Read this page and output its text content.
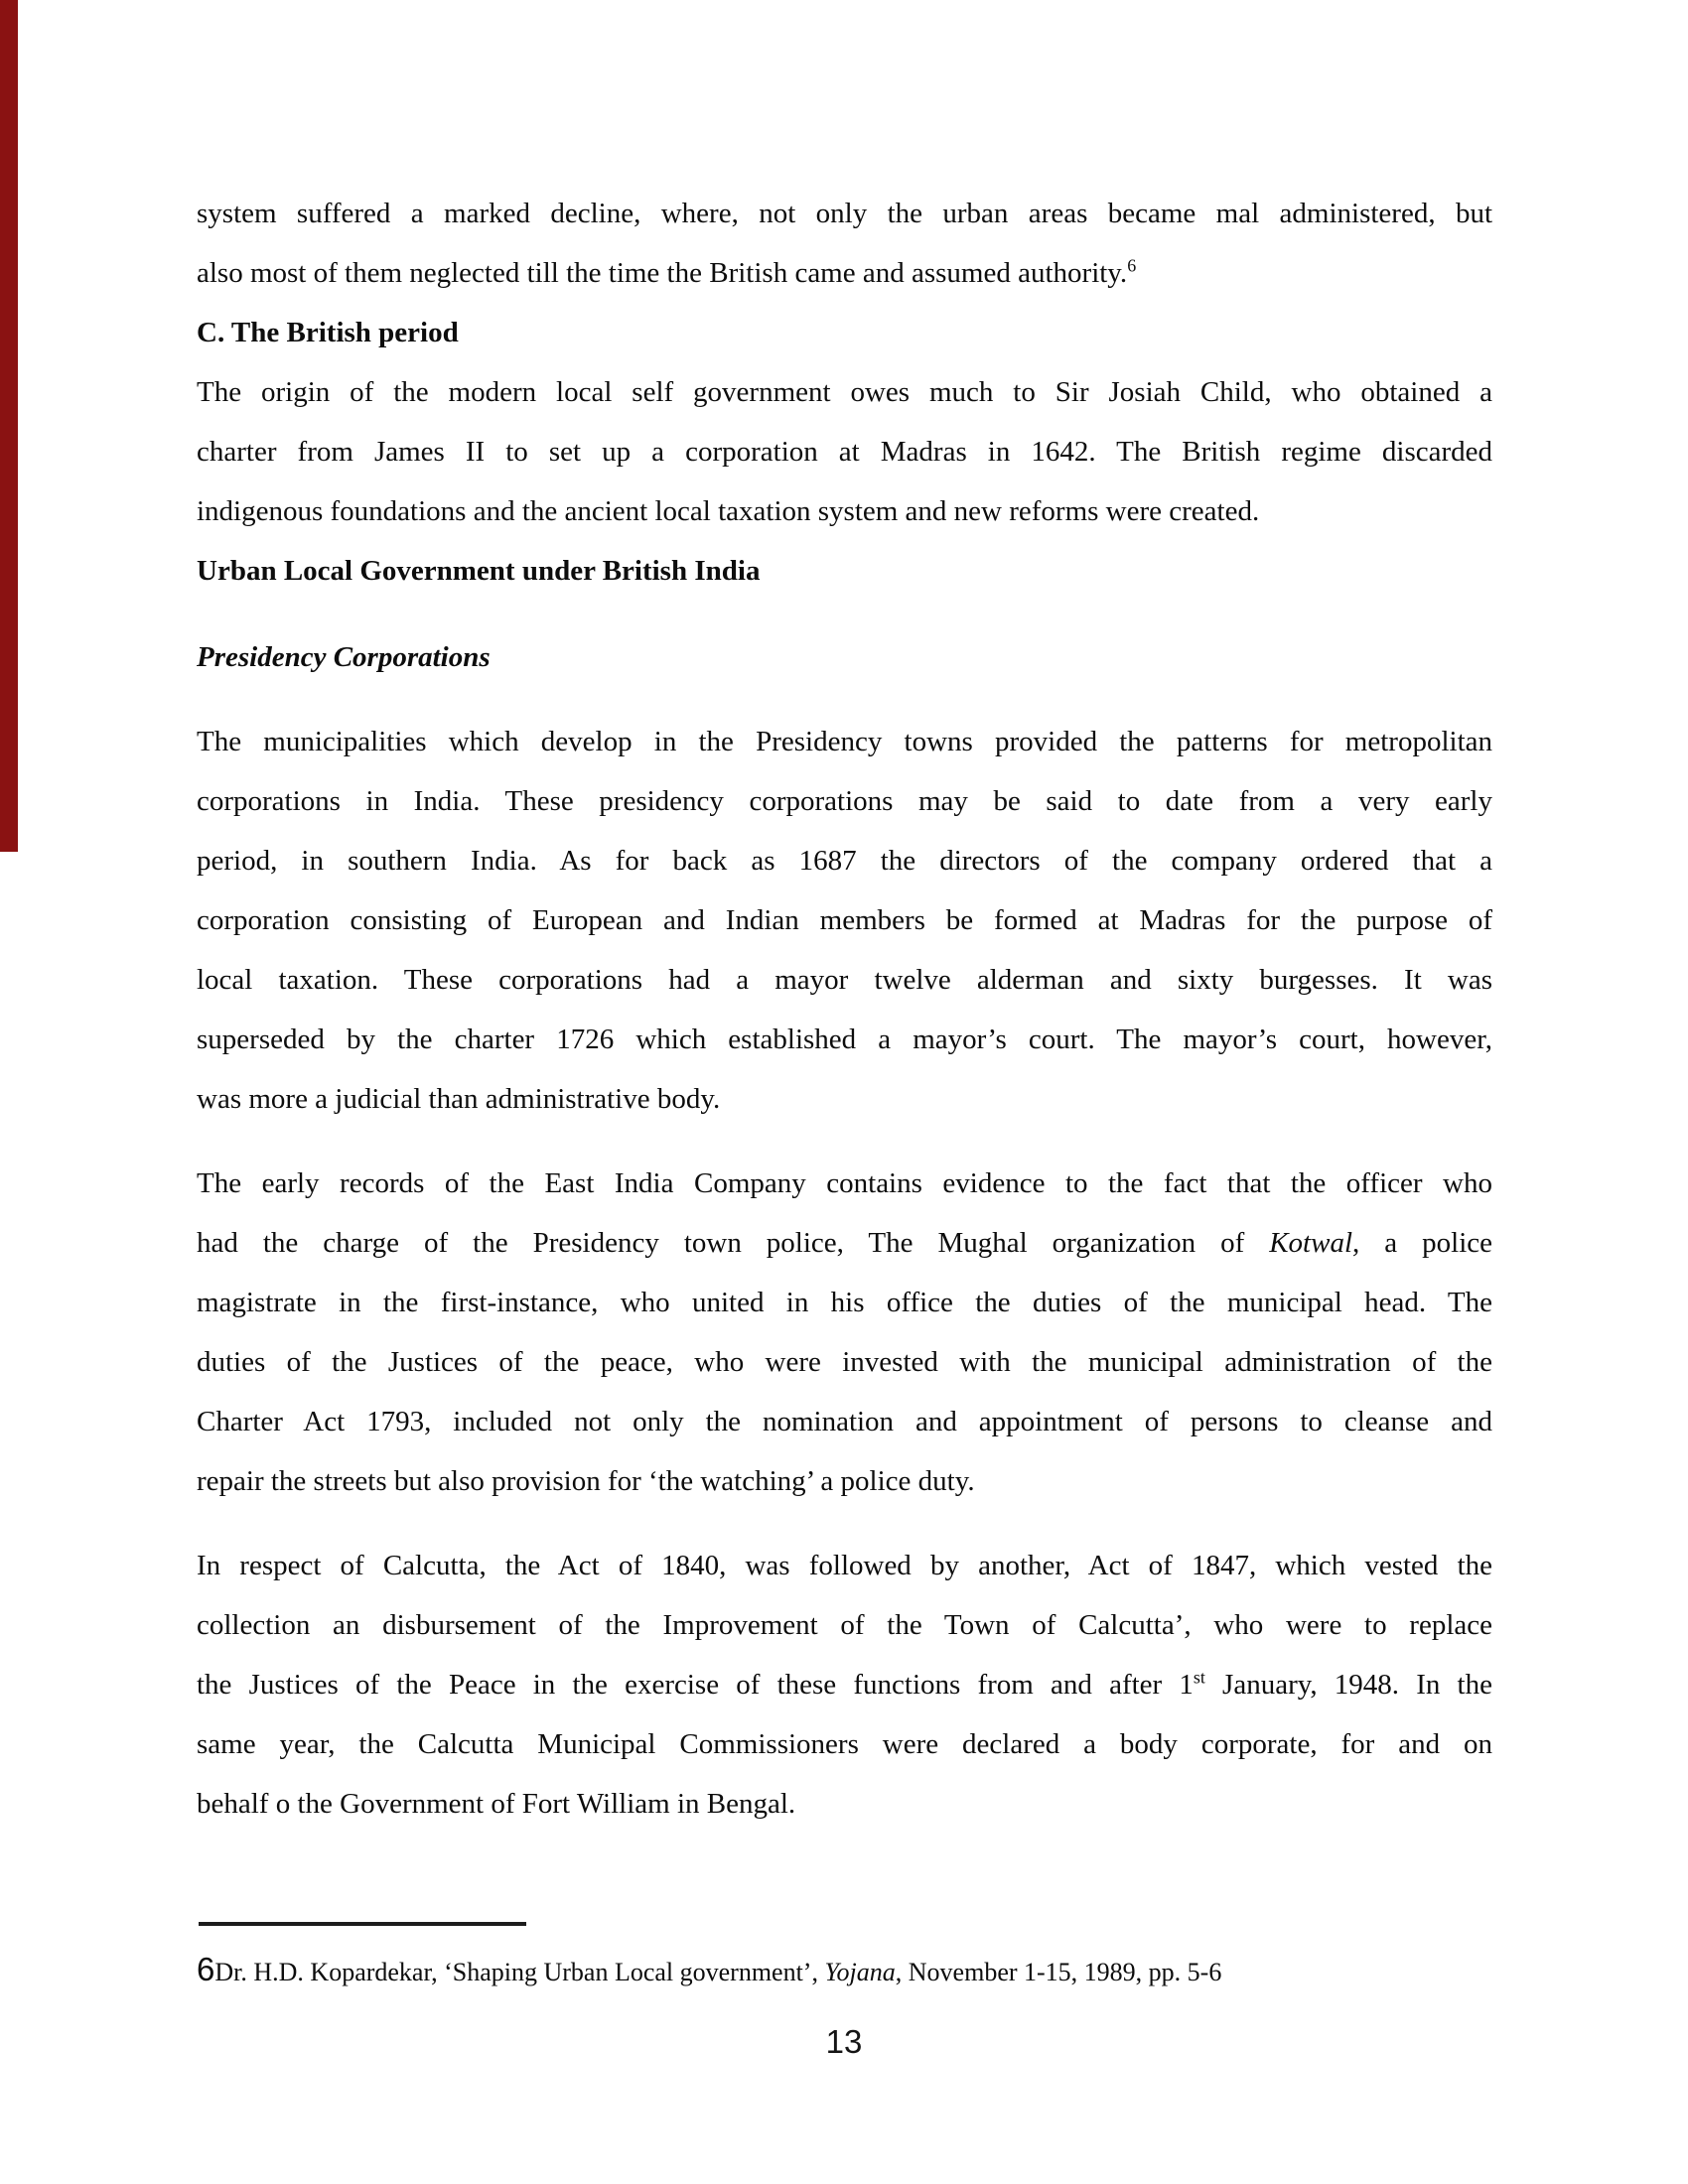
system suffered a marked decline, where, not only the urban areas became mal administered, but
also most of them neglected till the time the British came and assumed authority.$^6$
C. The British period
The origin of the modern local self government owes much to Sir Josiah Child, who obtained a
charter from James II to set up a corporation at Madras in 1642. The British regime discarded
indigenous foundations and the ancient local taxation system and new reforms were created.
Urban Local Government under British India
Presidency Corporations
The municipalities which develop in the Presidency towns provided the patterns for metropolitan
corporations in India. These presidency corporations may be said to date from a very early
period, in southern India. As for back as 1687 the directors of the company ordered that a
corporation consisting of European and Indian members be formed at Madras for the purpose of
local taxation. These corporations had a mayor twelve alderman and sixty burgesses. It was
superseded by the charter 1726 which established a mayor’s court. The mayor’s court, however,
was more a judicial than administrative body.
The early records of the East India Company contains evidence to the fact that the officer who
had the charge of the Presidency town police, The Mughal organization of Kotwal, a police
magistrate in the first-instance, who united in his office the duties of the municipal head. The
duties of the Justices of the peace, who were invested with the municipal administration of the
Charter Act 1793, included not only the nomination and appointment of persons to cleanse and
repair the streets but also provision for ‘the watching’ a police duty.
In respect of Calcutta, the Act of 1840, was followed by another, Act of 1847, which vested the
collection an disbursement of the Improvement of the Town of Calcutta’, who were to replace
the Justices of the Peace in the exercise of these functions from and after 1st January, 1948. In the
same year, the Calcutta Municipal Commissioners were declared a body corporate, for and on
behalf o the Government of Fort William in Bengal.
6Dr. H.D. Kopardekar, ‘Shaping Urban Local government’, Yojana, November 1-15, 1989, pp. 5-6
13
